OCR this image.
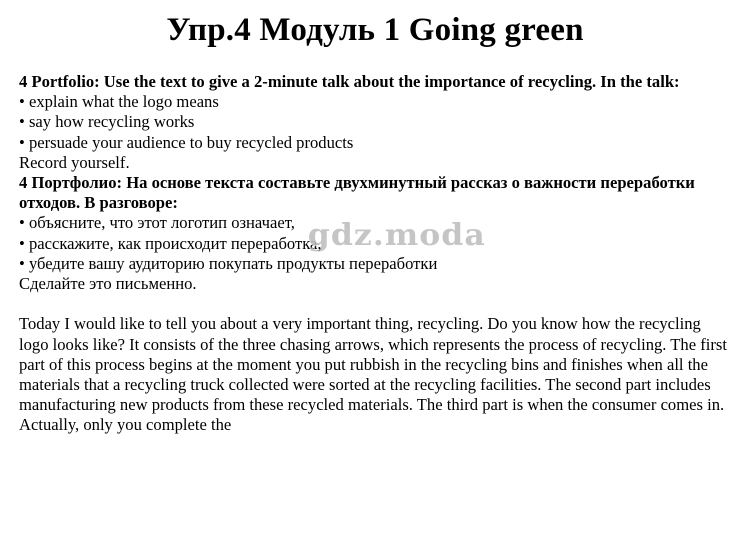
Упр.4 Модуль 1 Going green

4 Portfolio: Use the text to give a 2-minute talk about the importance of recycling. In the talk:

• explain what the logo means

• say how recycling works

• persuade your audience to buy recycled products

Record yourself.

4 Портфолио: На основе текста составьте двухминутный рассказ о важности переработки отходов. В разговоре:

• объясните, что этот логотип означает,

• расскажите, как происходит переработка,

• убедите вашу аудиторию покупать продукты переработки

Сделайте это письменно.

Today I would like to tell you about a very important thing, recycling. Do you know how the recycling logo looks like? It consists of the three chasing arrows, which represents the process of recycling. The first part of this process begins at the moment you put rubbish in the recycling bins and finishes when all the materials that a recycling truck collected were sorted at the recycling facilities. The second part includes manufacturing new products from these recycled materials. The third part is when the consumer comes in. Actually, only you complete the

gdz.moda
